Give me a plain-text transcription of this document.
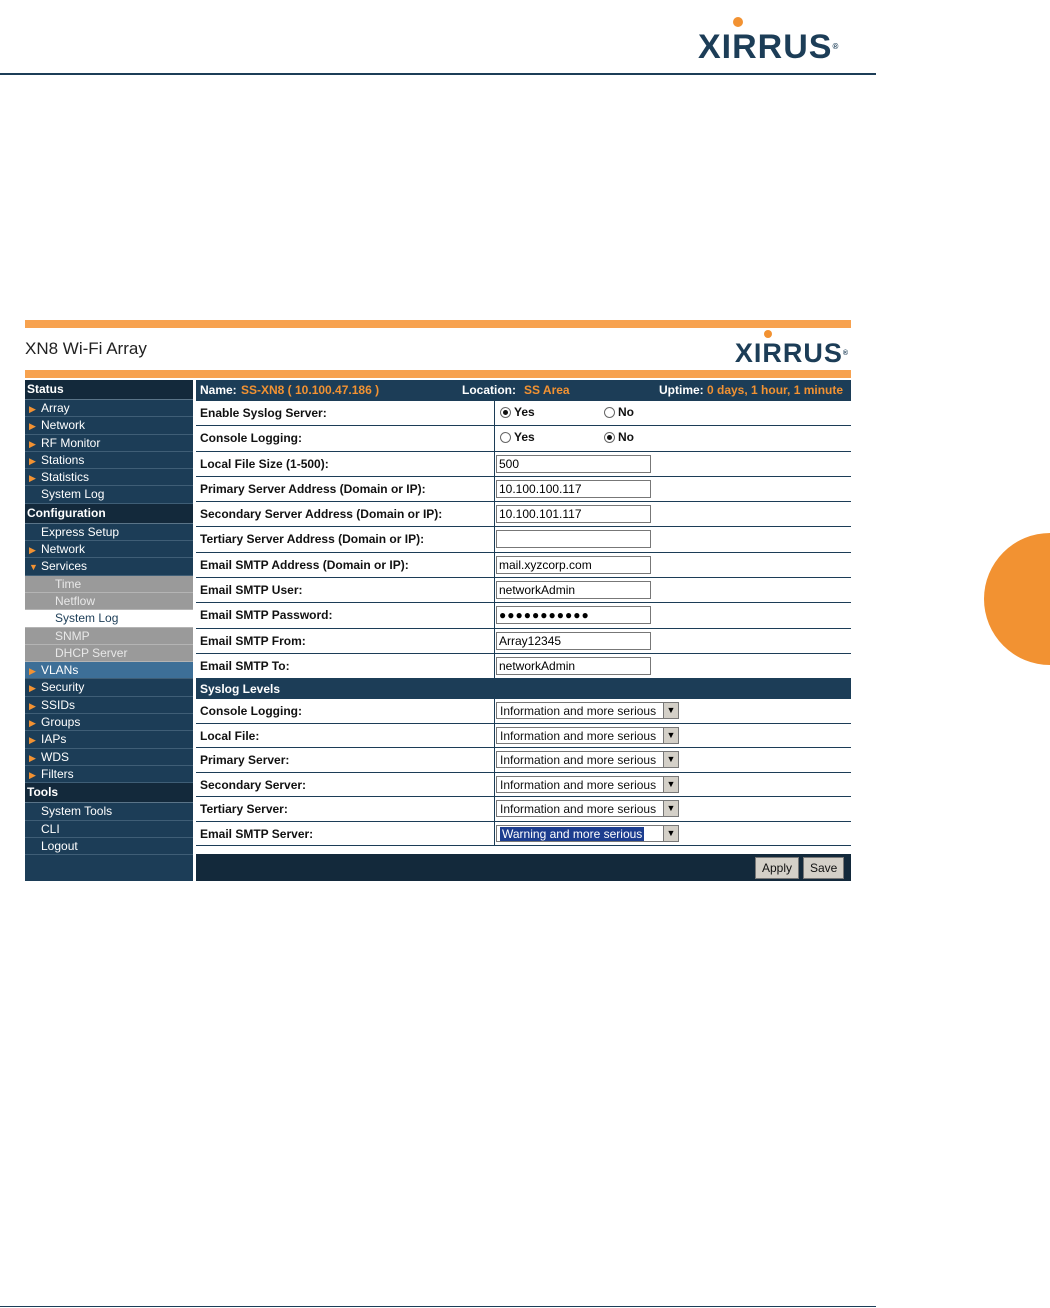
XIRRUS®
XN8 Wi-Fi Array	XIRRUS®
Status
▶ Array
▶ Network
▶ RF Monitor
▶ Stations
▶ Statistics
System Log
Configuration
Express Setup
▶ Network
▼ Services
Time
Netflow
System Log
SNMP
DHCP Server
▶ VLANs
▶ Security
▶ SSIDs
▶ Groups
▶ IAPs
▶ WDS
▶ Filters
Tools
System Tools
CLI
Logout
Name: SS-XN8 ( 10.100.47.186 )	Location: SS Area	Uptime: 0 days, 1 hour, 1 minute
Enable Syslog Server:	Yes	No
Console Logging:	Yes	No
Local File Size (1-500):
500
Primary Server Address (Domain or IP):
10.100.100.117
Secondary Server Address (Domain or IP):
10.100.101.117
Tertiary Server Address (Domain or IP):
Email SMTP Address (Domain or IP):
mail.xyzcorp.com
Email SMTP User:
networkAdmin
Email SMTP Password:
●●●●●●●●●●●
Email SMTP From:
Array12345
Email SMTP To:
networkAdmin
Syslog Levels
Console Logging:	Information and more serious	▼
Local File:	Information and more serious	▼
Primary Server:	Information and more serious	▼
Secondary Server:	Information and more serious	▼
Tertiary Server:	Information and more serious	▼
Email SMTP Server:	Warning and more serious	▼
Apply	Save
